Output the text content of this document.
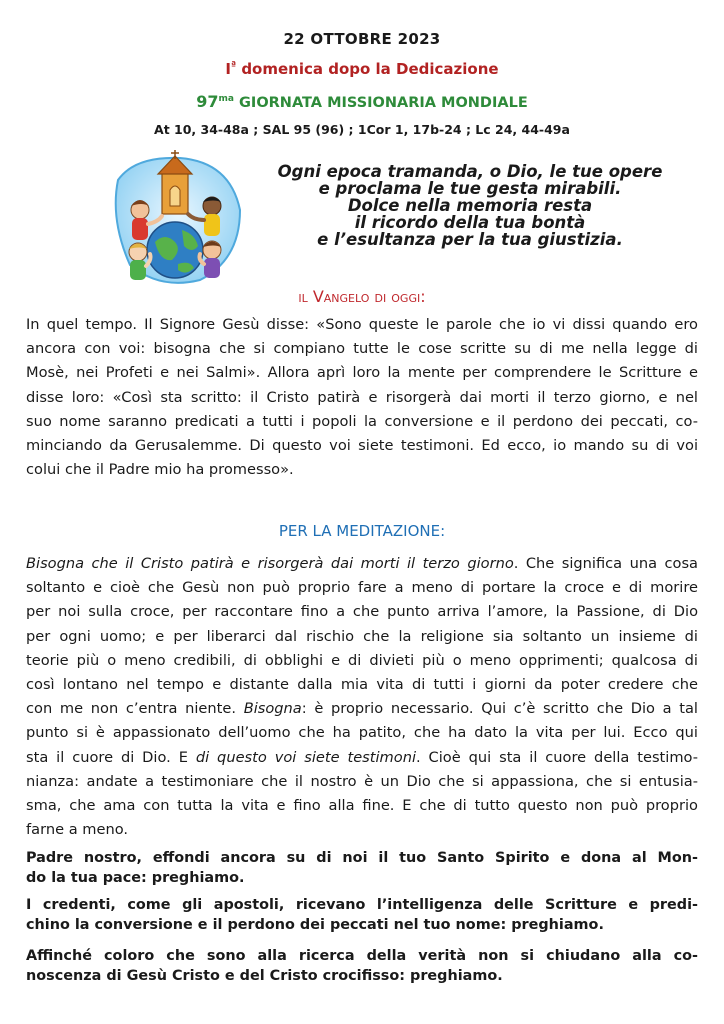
22 OTTOBRE 2023
$I^ª$ domenica dopo la Dedicazione
$97^{ma}$ GIORNATA MISSIONARIA MONDIALE
At 10, 34-48a ; SAL 95 (96) ; 1Cor 1, 17b-24 ; Lc 24, 44-49a
Ogni epoca tramanda, o Dio, le tue opere
e proclama le tue gesta mirabili.
Dolce nella memoria resta
il ricordo della tua bontà
e l’esultanza per la tua giustizia.
il Vangelo di oggi:
In quel tempo. Il Signore Gesù disse: «Sono queste le parole che io vi dissi quando ero
ancora con voi: bisogna che si compiano tutte le cose scritte su di me nella legge di
Mosè, nei Profeti e nei Salmi». Allora aprì loro la mente per comprendere le Scritture e
disse loro: «Così sta scritto: il Cristo patirà e risorgerà dai morti il terzo giorno, e nel
suo nome saranno predicati a tutti i popoli la conversione e il perdono dei peccati, co-
minciando da Gerusalemme. Di questo voi siete testimoni. Ed ecco, io mando su di voi
colui che il Padre mio ha promesso».
PER LA MEDITAZIONE:
Bisogna che il Cristo patirà e risorgerà dai morti il terzo giorno. Che significa una cosa
soltanto e cioè che Gesù non può proprio fare a meno di portare la croce e di morire
per noi sulla croce, per raccontare fino a che punto arriva l’amore, la Passione, di Dio
per ogni uomo; e per liberarci dal rischio che la religione sia soltanto un insieme di
teorie più o meno credibili, di obblighi e di divieti più o meno opprimenti; qualcosa di
così lontano nel tempo e distante dalla mia vita di tutti i giorni da poter credere che
con me non c’entra niente. Bisogna: è proprio necessario. Qui c’è scritto che Dio a tal
punto si è appassionato dell’uomo che ha patito, che ha dato la vita per lui. Ecco qui
sta il cuore di Dio. E di questo voi siete testimoni. Cioè qui sta il cuore della testimo-
nianza: andate a testimoniare che il nostro è un Dio che si appassiona, che si entusia-
sma, che ama con tutta la vita e fino alla fine. E che di tutto questo non può proprio
farne a meno.
Padre nostro, effondi ancora su di noi il tuo Santo Spirito e dona al Mon-
do la tua pace: preghiamo.
I credenti, come gli apostoli, ricevano l’intelligenza delle Scritture e predi-
chino la conversione e il perdono dei peccati nel tuo nome: preghiamo.
Affinché coloro che sono alla ricerca della verità non si chiudano alla co-
noscenza di Gesù Cristo e del Cristo crocifisso: preghiamo.
